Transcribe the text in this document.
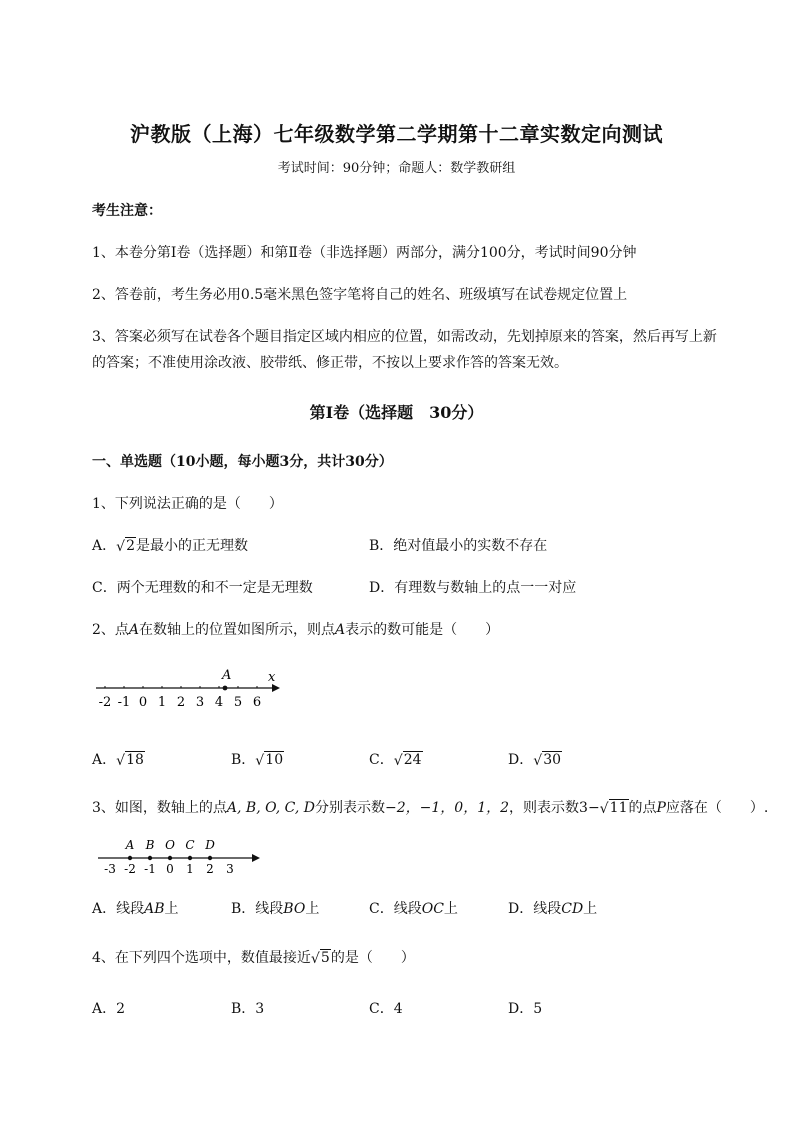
沪教版（上海）七年级数学第二学期第十二章实数定向测试
考试时间：90分钟；命题人：数学教研组
考生注意：
1、本卷分第Ⅰ卷（选择题）和第Ⅱ卷（非选择题）两部分，满分100分，考试时间90分钟
2、答卷前，考生务必用0.5毫米黑色签字笔将自己的姓名、班级填写在试卷规定位置上
3、答案必须写在试卷各个题目指定区域内相应的位置，如需改动，先划掉原来的答案，然后再写上新
的答案；不准使用涂改液、胶带纸、修正带，不按以上要求作答的答案无效。
第Ⅰ卷（选择题　30分）
一、单选题（10小题，每小题3分，共计30分）
1、下列说法正确的是（　　）
A． √ 2是最小的正无理数	B．绝对值最小的实数不存在
C．两个无理数的和不一定是无理数	D．有理数与数轴上的点一一对应
2、点A在数轴上的位置如图所示，则点A表示的数可能是（　　）
-2 -1 0 1 2 3 4 5 6
A	x
A． √ 18	B． √ 10	C． √ 24	D． √ 30
3、如图，数轴上的点A, B, O, C, D分别表示数−2，−1，0，1，2，则表示数3− √ 11的点P应落在（　　）.
A B O C D
-3 -2 -1 0 1 2 3
A．线段AB上	B．线段BO上	C．线段OC上	D．线段CD上
4、在下列四个选项中，数值最接近 √ 5的是（　　）
A．2	B．3	C．4	D．5
